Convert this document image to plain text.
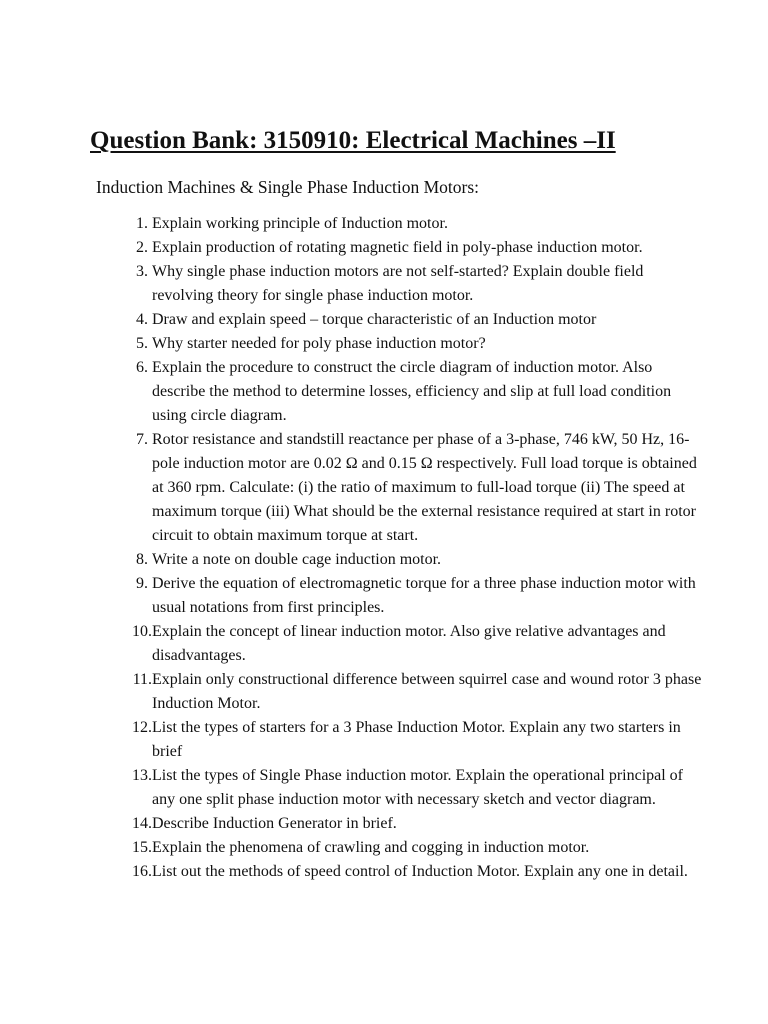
Question Bank: 3150910: Electrical Machines –II
Induction Machines & Single Phase Induction Motors:
1. Explain working principle of Induction motor.
2. Explain production of rotating magnetic field in poly-phase induction motor.
3. Why single phase induction motors are not self-started? Explain double field revolving theory for single phase induction motor.
4. Draw and explain speed – torque characteristic of an Induction motor
5. Why starter needed for poly phase induction motor?
6. Explain the procedure to construct the circle diagram of induction motor. Also describe the method to determine losses, efficiency and slip at full load condition using circle diagram.
7. Rotor resistance and standstill reactance per phase of a 3-phase, 746 kW, 50 Hz, 16-pole induction motor are 0.02 Ω and 0.15 Ω respectively. Full load torque is obtained at 360 rpm. Calculate: (i) the ratio of maximum to full-load torque (ii) The speed at maximum torque (iii) What should be the external resistance required at start in rotor circuit to obtain maximum torque at start.
8. Write a note on double cage induction motor.
9. Derive the equation of electromagnetic torque for a three phase induction motor with usual notations from first principles.
10. Explain the concept of linear induction motor. Also give relative advantages and disadvantages.
11. Explain only constructional difference between squirrel case and wound rotor 3 phase Induction Motor.
12. List the types of starters for a 3 Phase Induction Motor. Explain any two starters in brief
13. List the types of Single Phase induction motor. Explain the operational principal of any one split phase induction motor with necessary sketch and vector diagram.
14. Describe Induction Generator in brief.
15. Explain the phenomena of crawling and cogging in induction motor.
16. List out the methods of speed control of Induction Motor. Explain any one in detail.
